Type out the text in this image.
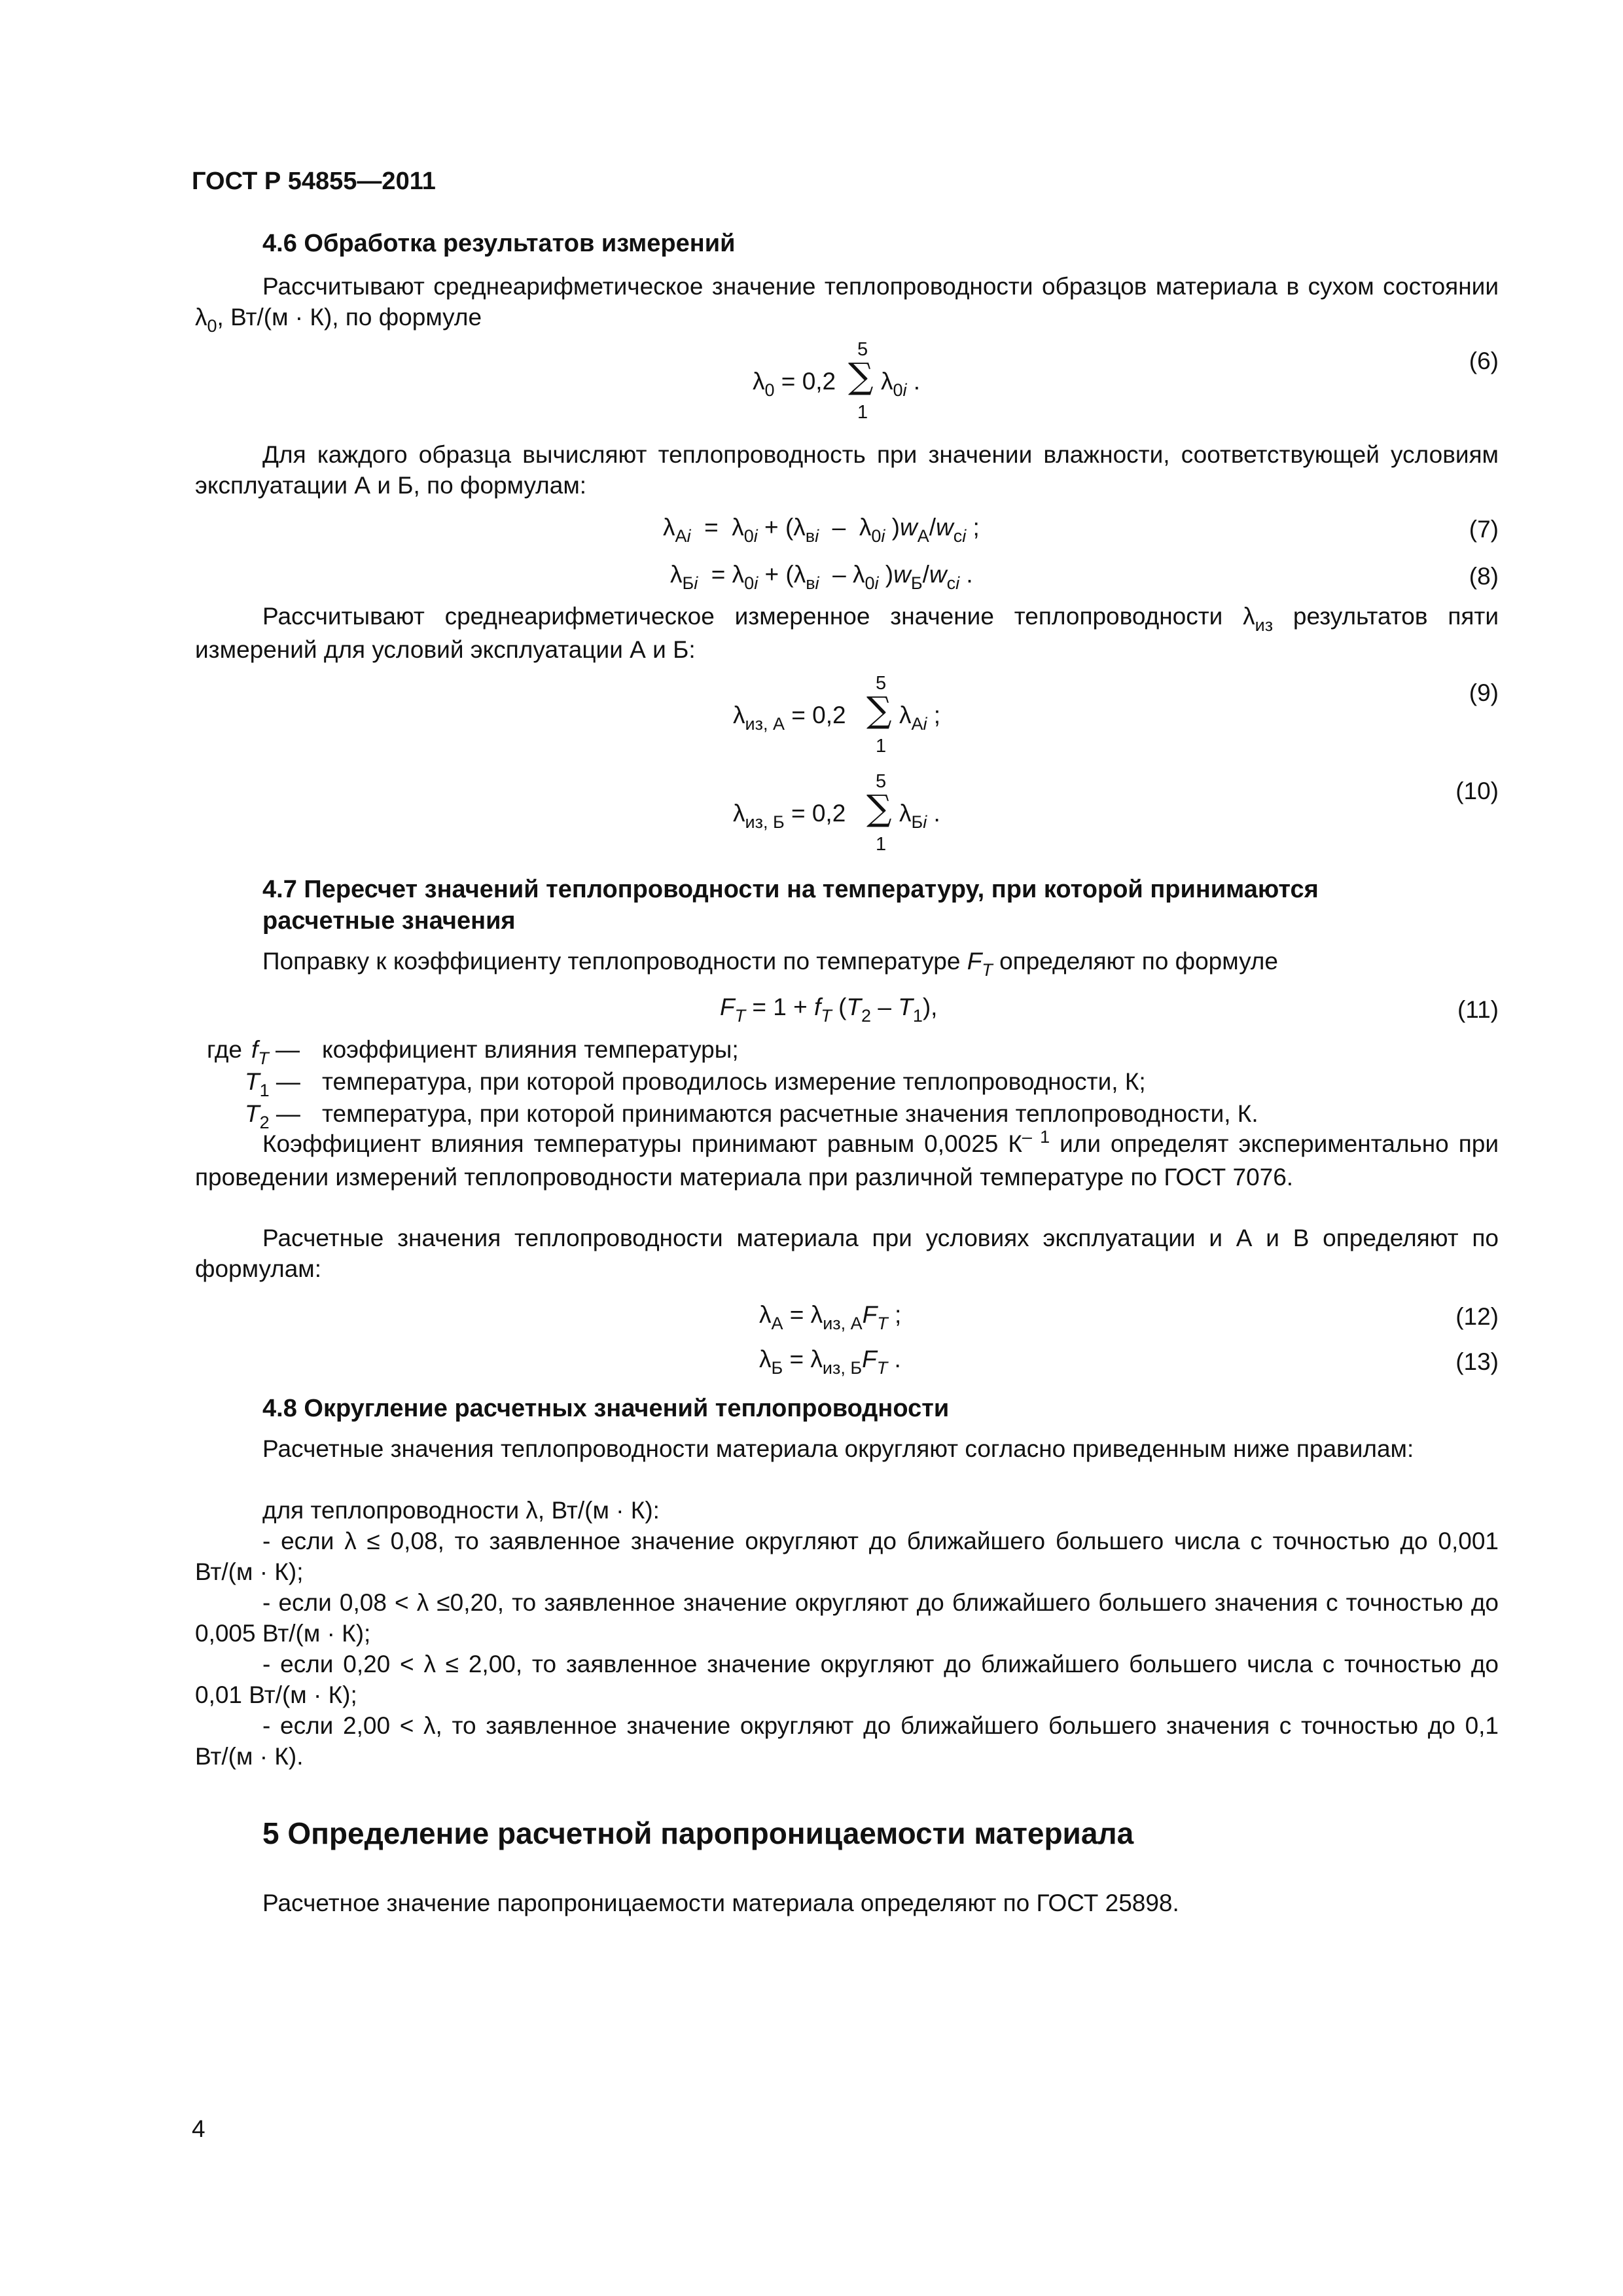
ГОСТ Р 54855—2011
4.6 Обработка результатов измерений
Рассчитывают среднеарифметическое значение теплопроводности образцов материала в сухом состоянии $\lambda_0$, Вт/(м · К), по формуле
$\lambda_0 = 0,2$
5
∑
1
$\lambda_{0i}$ .
(6)
Для каждого образца вычисляют теплопроводность при значении влажности, соответствующей условиям эксплуатации А и Б, по формулам:
$\lambda_{Аi} = \lambda_{0i} + (\lambda_{вi} - \lambda_{0i}$ )$w_А/w_{сi}$ ;	(7)
$\lambda_{Бi} = \lambda_{0i} + (\lambda_{вi} - \lambda_{0i}$ )$w_Б/w_{сi}$ .	(8)
Рассчитывают среднеарифметическое измеренное значение теплопроводности $\lambda_{из}$ результатов пяти измерений для условий эксплуатации А и Б:
$\lambda_{из, А} = 0,2$
5
∑
1
$\lambda_{Аi}$ ;
(9)
$\lambda_{из, Б} = 0,2$
5
∑
1
$\lambda_{Бi}$ .
(10)
4.7 Пересчет значений теплопроводности на температуру, при которой принимаются
расчетные значения
Поправку к коэффициенту теплопроводности по температуре $F_T$ определяют по формуле
$F_T = 1 + f_T$ $(T_2 - T_1)$,	(11)
где $f_T$ — коэффициент влияния температуры;
$T_1$ — температура, при которой проводилось измерение теплопроводности, К;
$T_2$ — температура, при которой принимаются расчетные значения теплопроводности, К.
Коэффициент влияния температуры принимают равным 0,0025 $К^{- 1}$ или определят экспериментально при проведении измерений теплопроводности материала при различной температуре по ГОСТ 7076.
Расчетные значения теплопроводности материала при условиях эксплуатации и А и В определяют по формулам:
$\lambda_А = \lambda_{из, А}F_T$ ;	(12)
$\lambda_Б = \lambda_{из, Б}F_T$ .	(13)
4.8 Округление расчетных значений теплопроводности
Расчетные значения теплопроводности материала округляют согласно приведенным ниже правилам:
для теплопроводности λ, Вт/(м · К):
- если λ ≤ 0,08, то заявленное значение округляют до ближайшего большего числа с точностью до 0,001 Вт/(м · К);
- если 0,08 < λ ≤0,20, то заявленное значение округляют до ближайшего большего значения с точностью до 0,005 Вт/(м · К);
- если 0,20 < λ ≤ 2,00, то заявленное значение округляют до ближайшего большего числа с точностью до 0,01 Вт/(м · К);
- если 2,00 < λ, то заявленное значение округляют до ближайшего большего значения с точностью до 0,1 Вт/(м · К).
5 Определение расчетной паропроницаемости материала
Расчетное значение паропроницаемости материала определяют по ГОСТ 25898.
4
